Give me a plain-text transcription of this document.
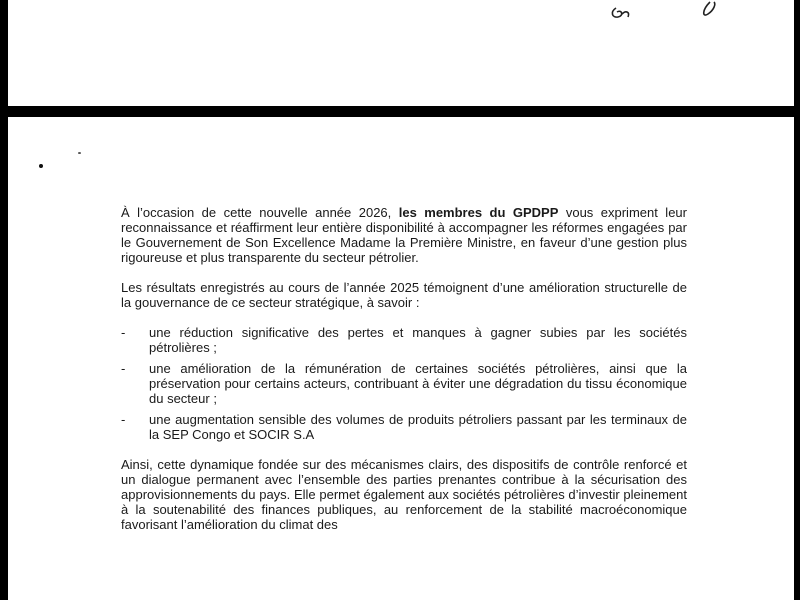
À l’occasion de cette nouvelle année 2026, les membres du GPDPP vous expriment leur reconnaissance et réaffirment leur entière disponibilité à accompagner les réformes engagées par le Gouvernement de Son Excellence Madame la Première Ministre, en faveur d’une gestion plus rigoureuse et plus transparente du secteur pétrolier.

Les résultats enregistrés au cours de l’année 2025 témoignent d’une amélioration structurelle de la gouvernance de ce secteur stratégique, à savoir :

- une réduction significative des pertes et manques à gagner subies par les sociétés pétrolières ;
- une amélioration de la rémunération de certaines sociétés pétrolières, ainsi que la préservation pour certains acteurs, contribuant à éviter une dégradation du tissu économique du secteur ;
- une augmentation sensible des volumes de produits pétroliers passant par les terminaux de la SEP Congo et SOCIR S.A

Ainsi, cette dynamique fondée sur des mécanismes clairs, des dispositifs de contrôle renforcé et un dialogue permanent avec l’ensemble des parties prenantes contribue à la sécurisation des approvisionnements du pays. Elle permet également aux sociétés pétrolières d’investir pleinement à la soutenabilité des finances publiques, au renforcement de la stabilité macroéconomique favorisant l’amélioration du climat des
